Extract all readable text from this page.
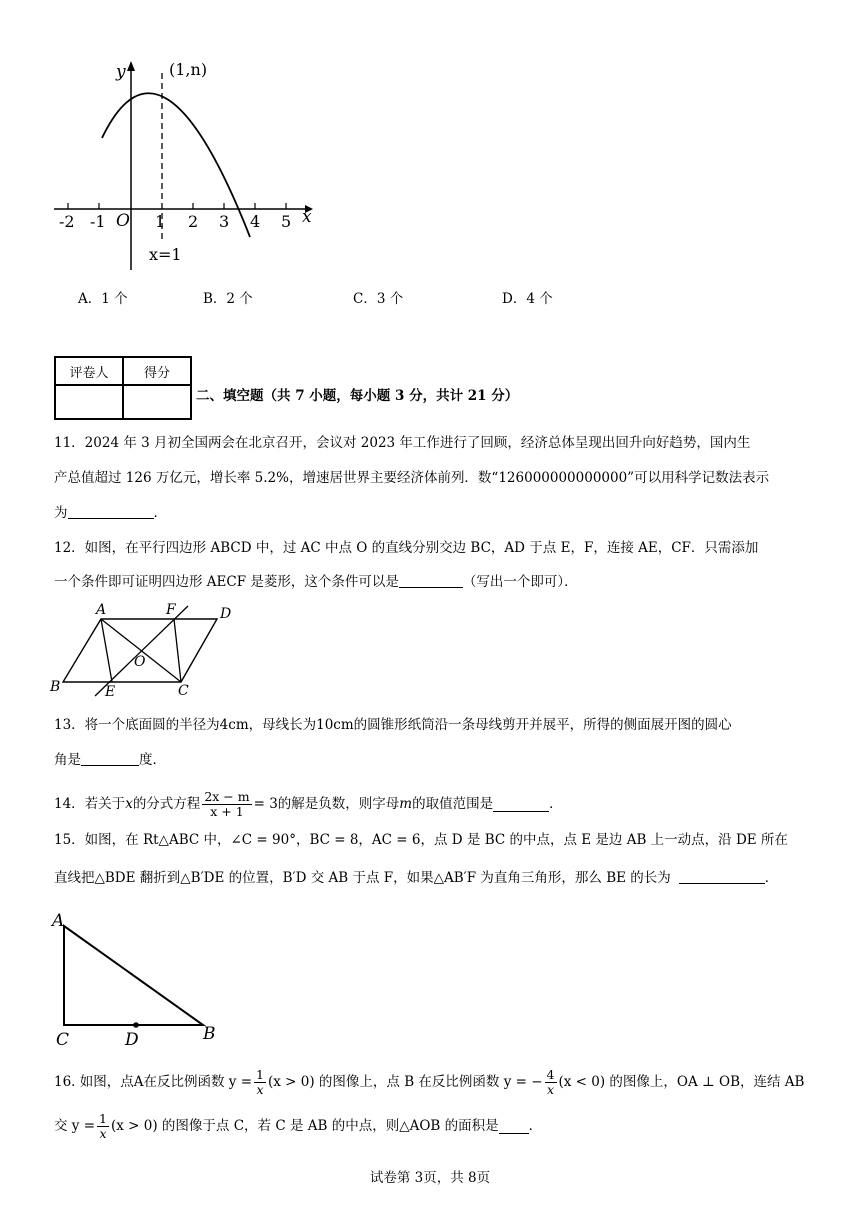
y	(1,n)
x
O
-2 -1	1 2 3 4 5
x=1
A．1 个	B．2 个	C．3 个	D．4 个
评卷人	得分

二、填空题（共 7 小题，每小题 3 分，共计 21 分）
11．2024 年 3 月初全国两会在北京召开，会议对 2023 年工作进行了回顾，经济总体呈现出回升向好趋势，国内生
产总值超过 126 万亿元，增长率 5.2%，增速居世界主要经济体前列．数“126000000000000”可以用科学记数法表示
为	．
12．如图，在平行四边形 ABCD 中，过 AC 中点 O 的直线分别交边 BC，AD 于点 E，F，连接 AE，CF．只需添加
一个条件即可证明四边形 AECF 是菱形，这个条件可以是	（写出一个即可）．
A	F	D
O
B	E	C
13．将一个底面圆的半径为4cm，母线长为10cm的圆锥形纸筒沿一条母线剪开并展平，所得的侧面展开图的圆心
角是	度．
14．若关于 x 的分式方程 $\frac{2x - m}{x + 1} = 3$ 的解是负数，则字母 m 的取值范围是	．
15．如图，在 Rt△ABC 中，∠C = 90°，BC = 8，AC = 6，点 D 是 BC 的中点，点 E 是边 AB 上一动点，沿 DE 所在
直线把△BDE 翻折到△B′DE 的位置，B′D 交 AB 于点 F，如果△AB′F 为直角三角形，那么 BE 的长为	．
A
C	D	B
16. 如图，点A在反比例函数 $y = \frac{1}{x} (x > 0)$ 的图像上，点 B 在反比例函数 y = − $\frac{4}{x} (x < 0)$ 的图像上，OA ⊥ OB，连结 AB
交 $y = \frac{1}{x} (x > 0)$ 的图像于点 C，若 C 是 AB 的中点，则△AOB 的面积是 ．
试卷第 3页，共 8页
